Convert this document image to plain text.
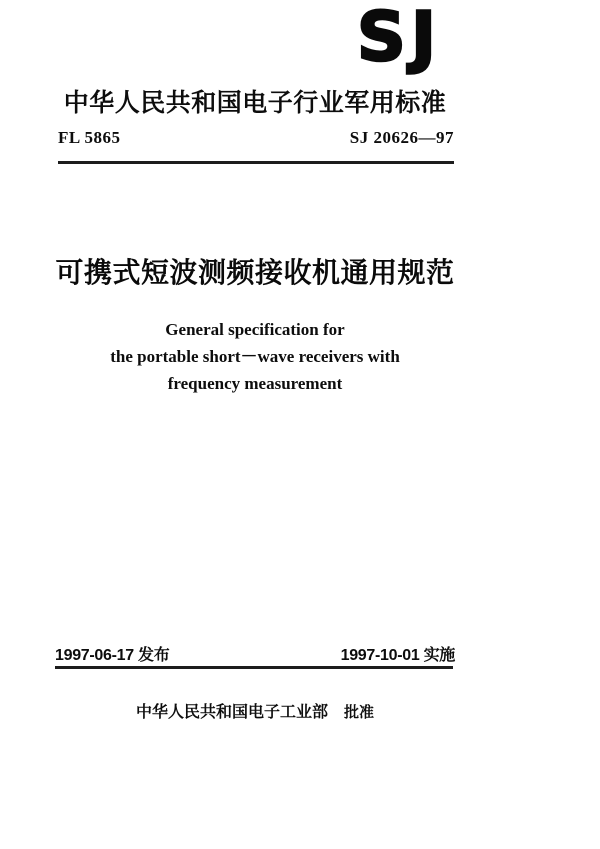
SJ
中华人民共和国电子行业军用标准
FL 5865	SJ 20626—97
可携式短波测频接收机通用规范
General specification for
the portable short－wave receivers with
frequency measurement
1997-06-17 发布	1997-10-01 实施
中华人民共和国电子工业部 批准
